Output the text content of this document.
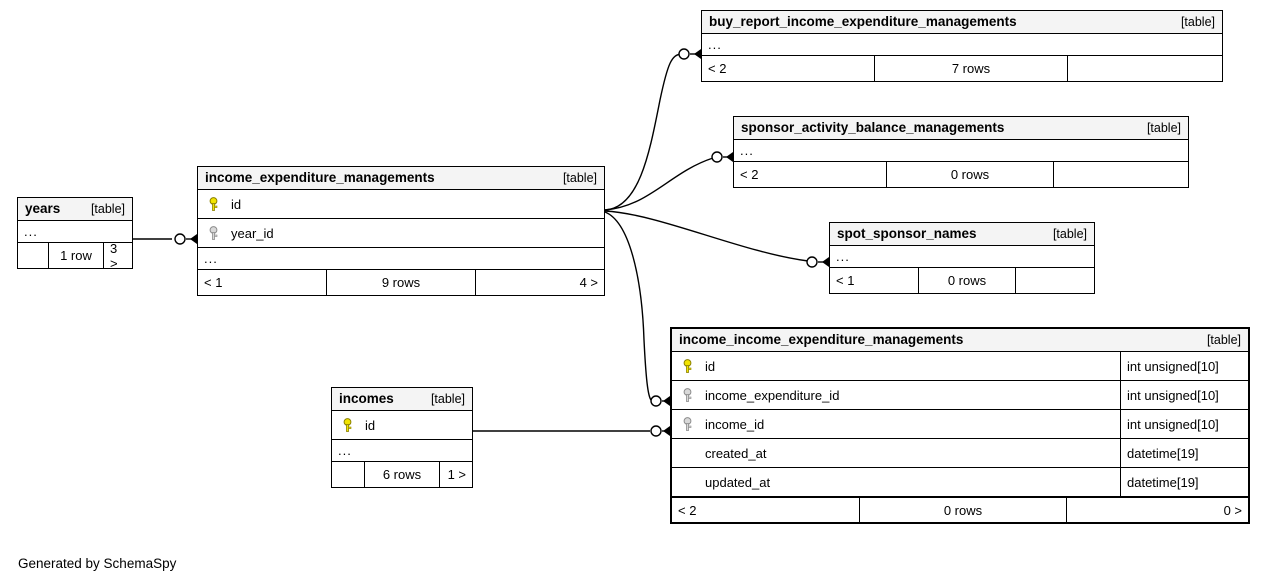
years [table]
...
1 row	3 >
income_expenditure_managements	[table]
id
year_id
...
< 1	9 rows	4 >
buy_report_income_expenditure_managements	[table]
...
< 2	7 rows
sponsor_activity_balance_managements	[table]
...
< 2	0 rows
spot_sponsor_names	[table]
...
< 1	0 rows
incomes	[table]
id
...
6 rows	1 >
income_income_expenditure_managements	[table]
id	int unsigned[10]
income_expenditure_id	int unsigned[10]
income_id	int unsigned[10]
created_at	datetime[19]
updated_at	datetime[19]
< 2	0 rows	0 >
Generated by SchemaSpy
